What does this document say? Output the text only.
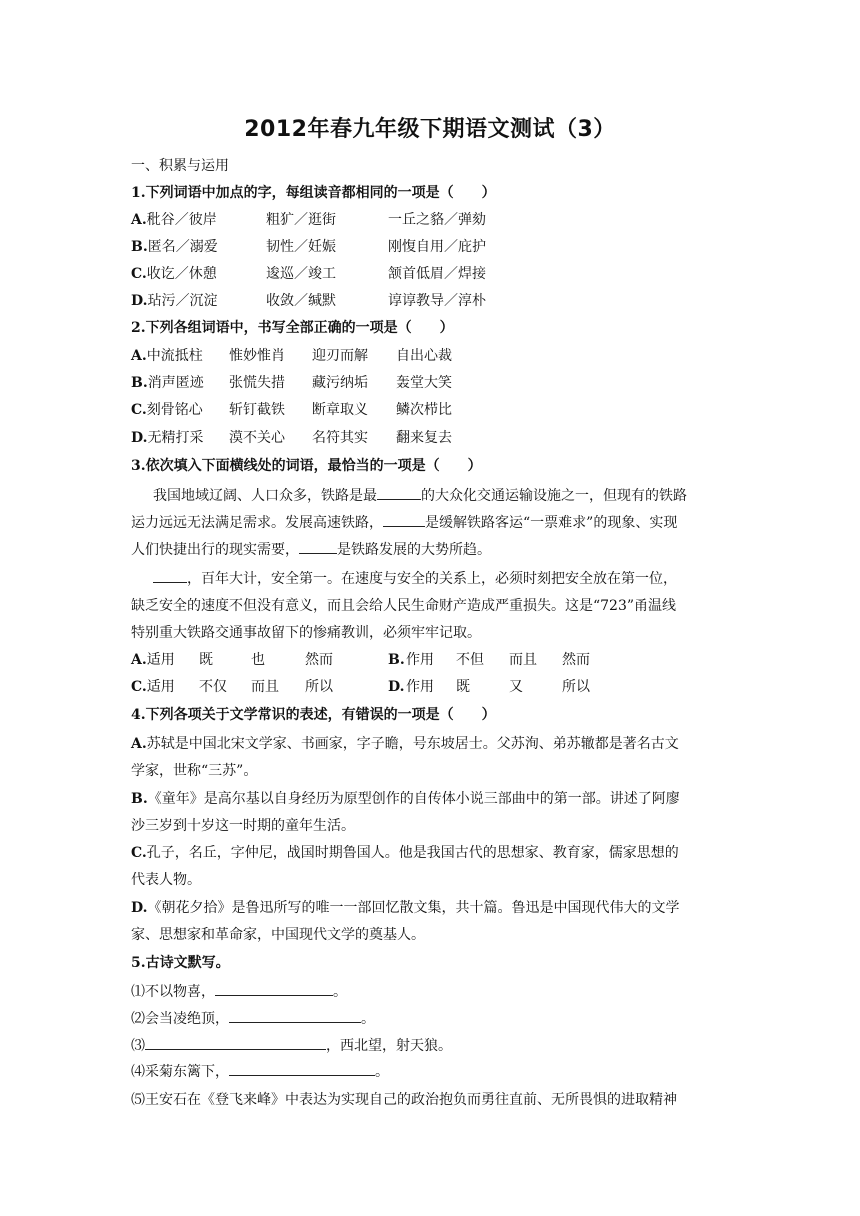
2012年春九年级下期语文测试（3）
一、积累与运用
1.下列词语中加点的字，每组读音都相同的一项是（　　）
A.秕谷／彼岸	粗犷／逛街	一丘之貉／弹劾
B.匿名／溺爱	韧性／妊娠	刚愎自用／庇护
C.收讫／休憩	逡巡／竣工	颔首低眉／焊接
D.玷污／沉淀	收敛／缄默	谆谆教导／淳朴
2.下列各组词语中，书写全部正确的一项是（　　）
A.中流抵柱 惟妙惟肖 迎刃而解 自出心裁
B.消声匿迹 张慌失措 藏污纳垢 轰堂大笑
C.刻骨铭心 斩钉截铁 断章取义 鳞次栉比
D.无精打采 漠不关心 名符其实 翻来复去
3.依次填入下面横线处的词语，最恰当的一项是（　　）
我国地域辽阔、人口众多，铁路是最	的大众化交通运输设施之一，但现有的铁路
运力远远无法满足需求。发展高速铁路，	是缓解铁路客运“一票难求”的现象、实现
人们快捷出行的现实需要，	是铁路发展的大势所趋。
，百年大计，安全第一。在速度与安全的关系上，必须时刻把安全放在第一位，
缺乏安全的速度不但没有意义，而且会给人民生命财产造成严重损失。这是“723”甬温线
特别重大铁路交通事故留下的惨痛教训，必须牢牢记取。
A.适用 既	也	然而	B. 作用 不但 而且 然而
C.适用 不仅 而且 所以	D. 作用 既	又	所以
4.下列各项关于文学常识的表述，有错误的一项是（　　）
A.苏轼是中国北宋文学家、书画家，字子瞻，号东坡居士。父苏洵、弟苏辙都是著名古文
学家，世称“三苏”。
B.《童年》是高尔基以自身经历为原型创作的自传体小说三部曲中的第一部。讲述了阿廖
沙三岁到十岁这一时期的童年生活。
C.孔子，名丘，字仲尼，战国时期鲁国人。他是我国古代的思想家、教育家，儒家思想的
代表人物。
D.《朝花夕拾》是鲁迅所写的唯一一部回忆散文集，共十篇。鲁迅是中国现代伟大的文学
家、思想家和革命家，中国现代文学的奠基人。
5.古诗文默写。
⑴不以物喜，	。
⑵会当凌绝顶，	。
⑶	，西北望，射天狼。
⑷采菊东篱下，	。
⑸王安石在《登飞来峰》中表达为实现自己的政治抱负而勇往直前、无所畏惧的进取精神
